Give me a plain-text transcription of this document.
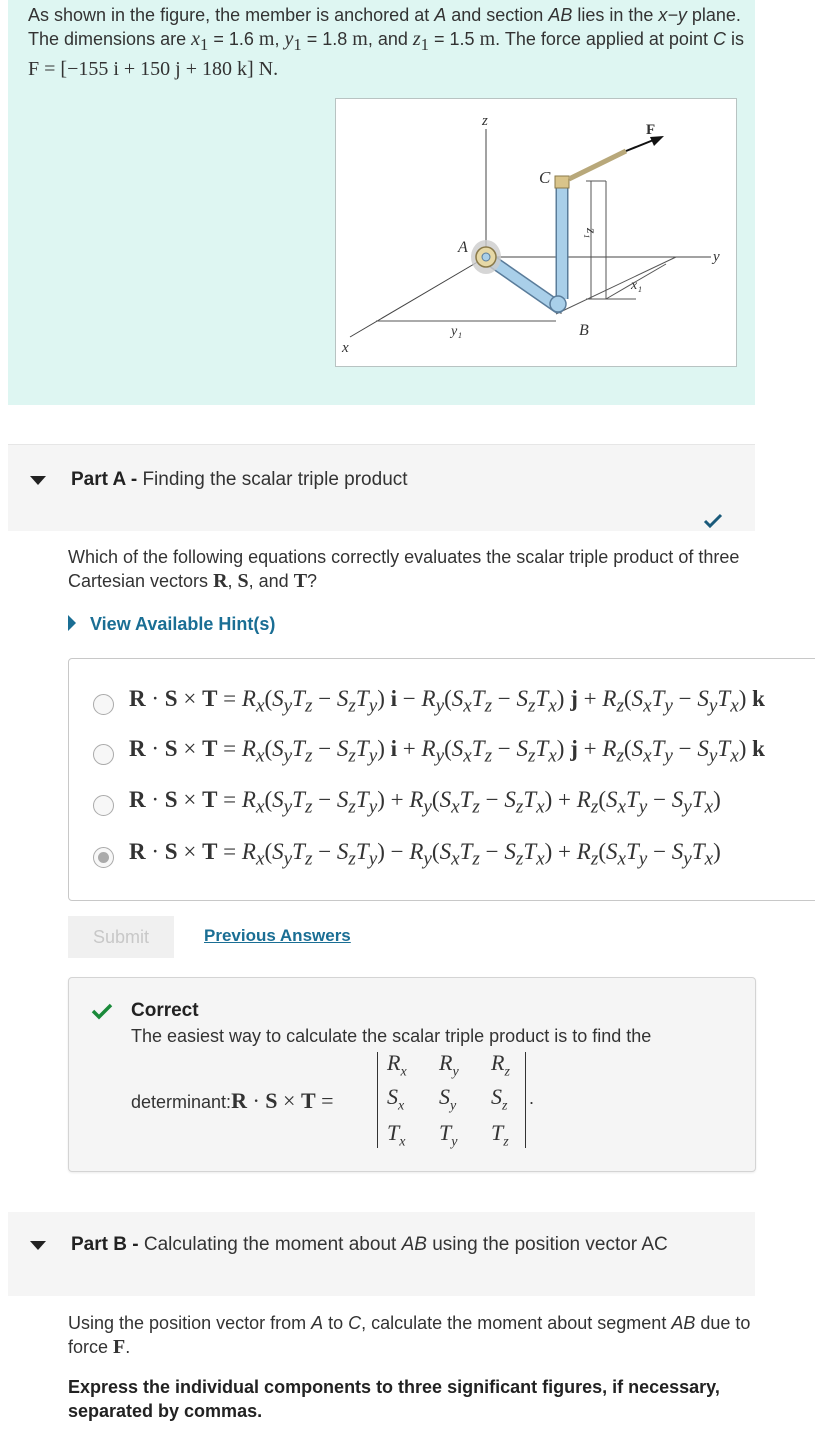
As shown in the figure, the member is anchored at A and section AB lies in the x−y plane. The dimensions are $x_1 = 1.6$ m, $y_1 = 1.8$ m, and $z_1 = 1.5$ m. The force applied at point C is F = [−155 i + 150 j + 180 k] N.
z
F
C
z₁
A
y
x₁
y₁	B
x
Part A - Finding the scalar triple product
Which of the following equations correctly evaluates the scalar triple product of three Cartesian vectors R, S, and T?
View Available Hint(s)
$R \cdot S \times T = R_x(S_yT_z - S_zT_y) i - R_y(S_xT_z - S_zT_x) j + R_z(S_xT_y - S_yT_x)$ k
$R \cdot S \times T = R_x(S_yT_z - S_zT_y) i + R_y(S_xT_z - S_zT_x) j + R_z(S_xT_y - S_yT_x)$ k
$R \cdot S \times T = R_x(S_yT_z - S_zT_y) + R_y(S_xT_z - S_zT_x) + R_z(S_xT_y - S_yT_x)$
$R \cdot S \times T = R_x(S_yT_z - S_zT_y) - R_y(S_xT_z - S_zT_x) + R_z(S_xT_y - S_yT_x)$
Submit	Previous Answers
Correct
The easiest way to calculate the scalar triple product is to find the
determinant:R · S × T =
$R_x$ $R_y$ $R_z$
$S_x$ $S_y$ $S_z$
$T_x$ $T_y$ $T_z$
.
Part B - Calculating the moment about AB using the position vector AC
Using the position vector from A to C, calculate the moment about segment AB due to force F.
Express the individual components to three significant figures, if necessary, separated by commas.
